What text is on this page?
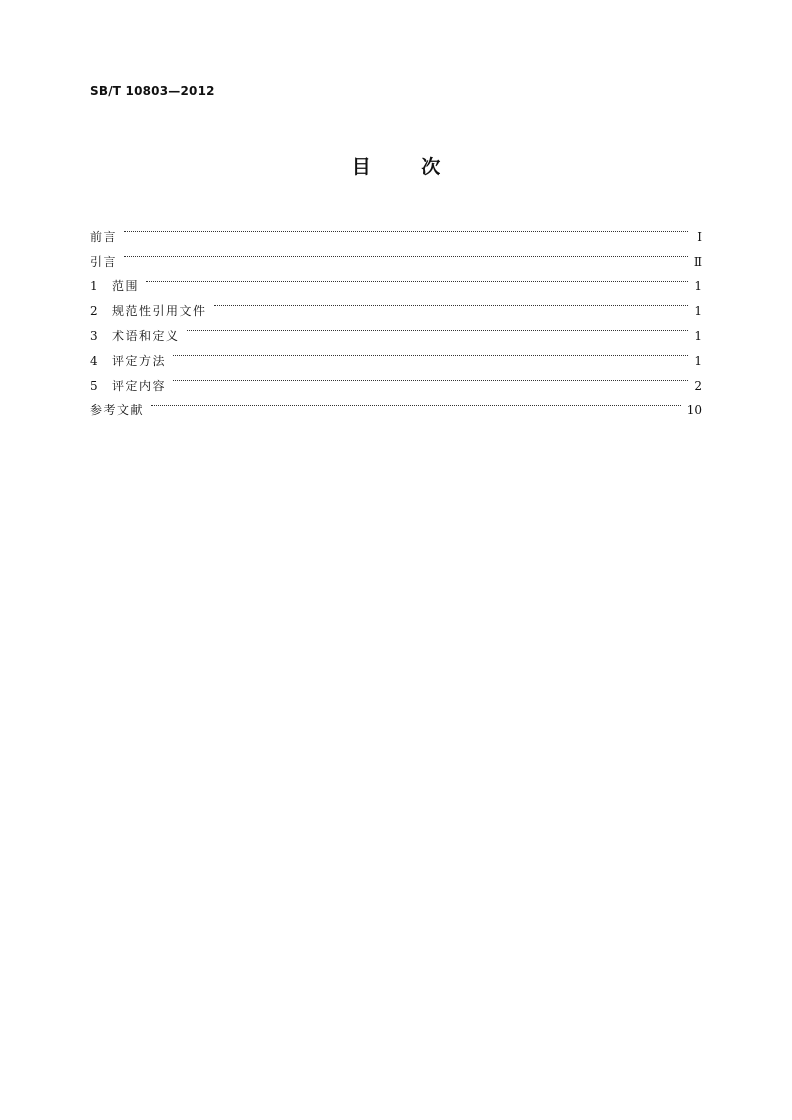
SB/T 10803—2012
目 次
前言	Ⅰ
引言	Ⅱ
1	范围	1
2	规范性引用文件	1
3	术语和定义	1
4	评定方法	1
5	评定内容	2
参考文献	10
